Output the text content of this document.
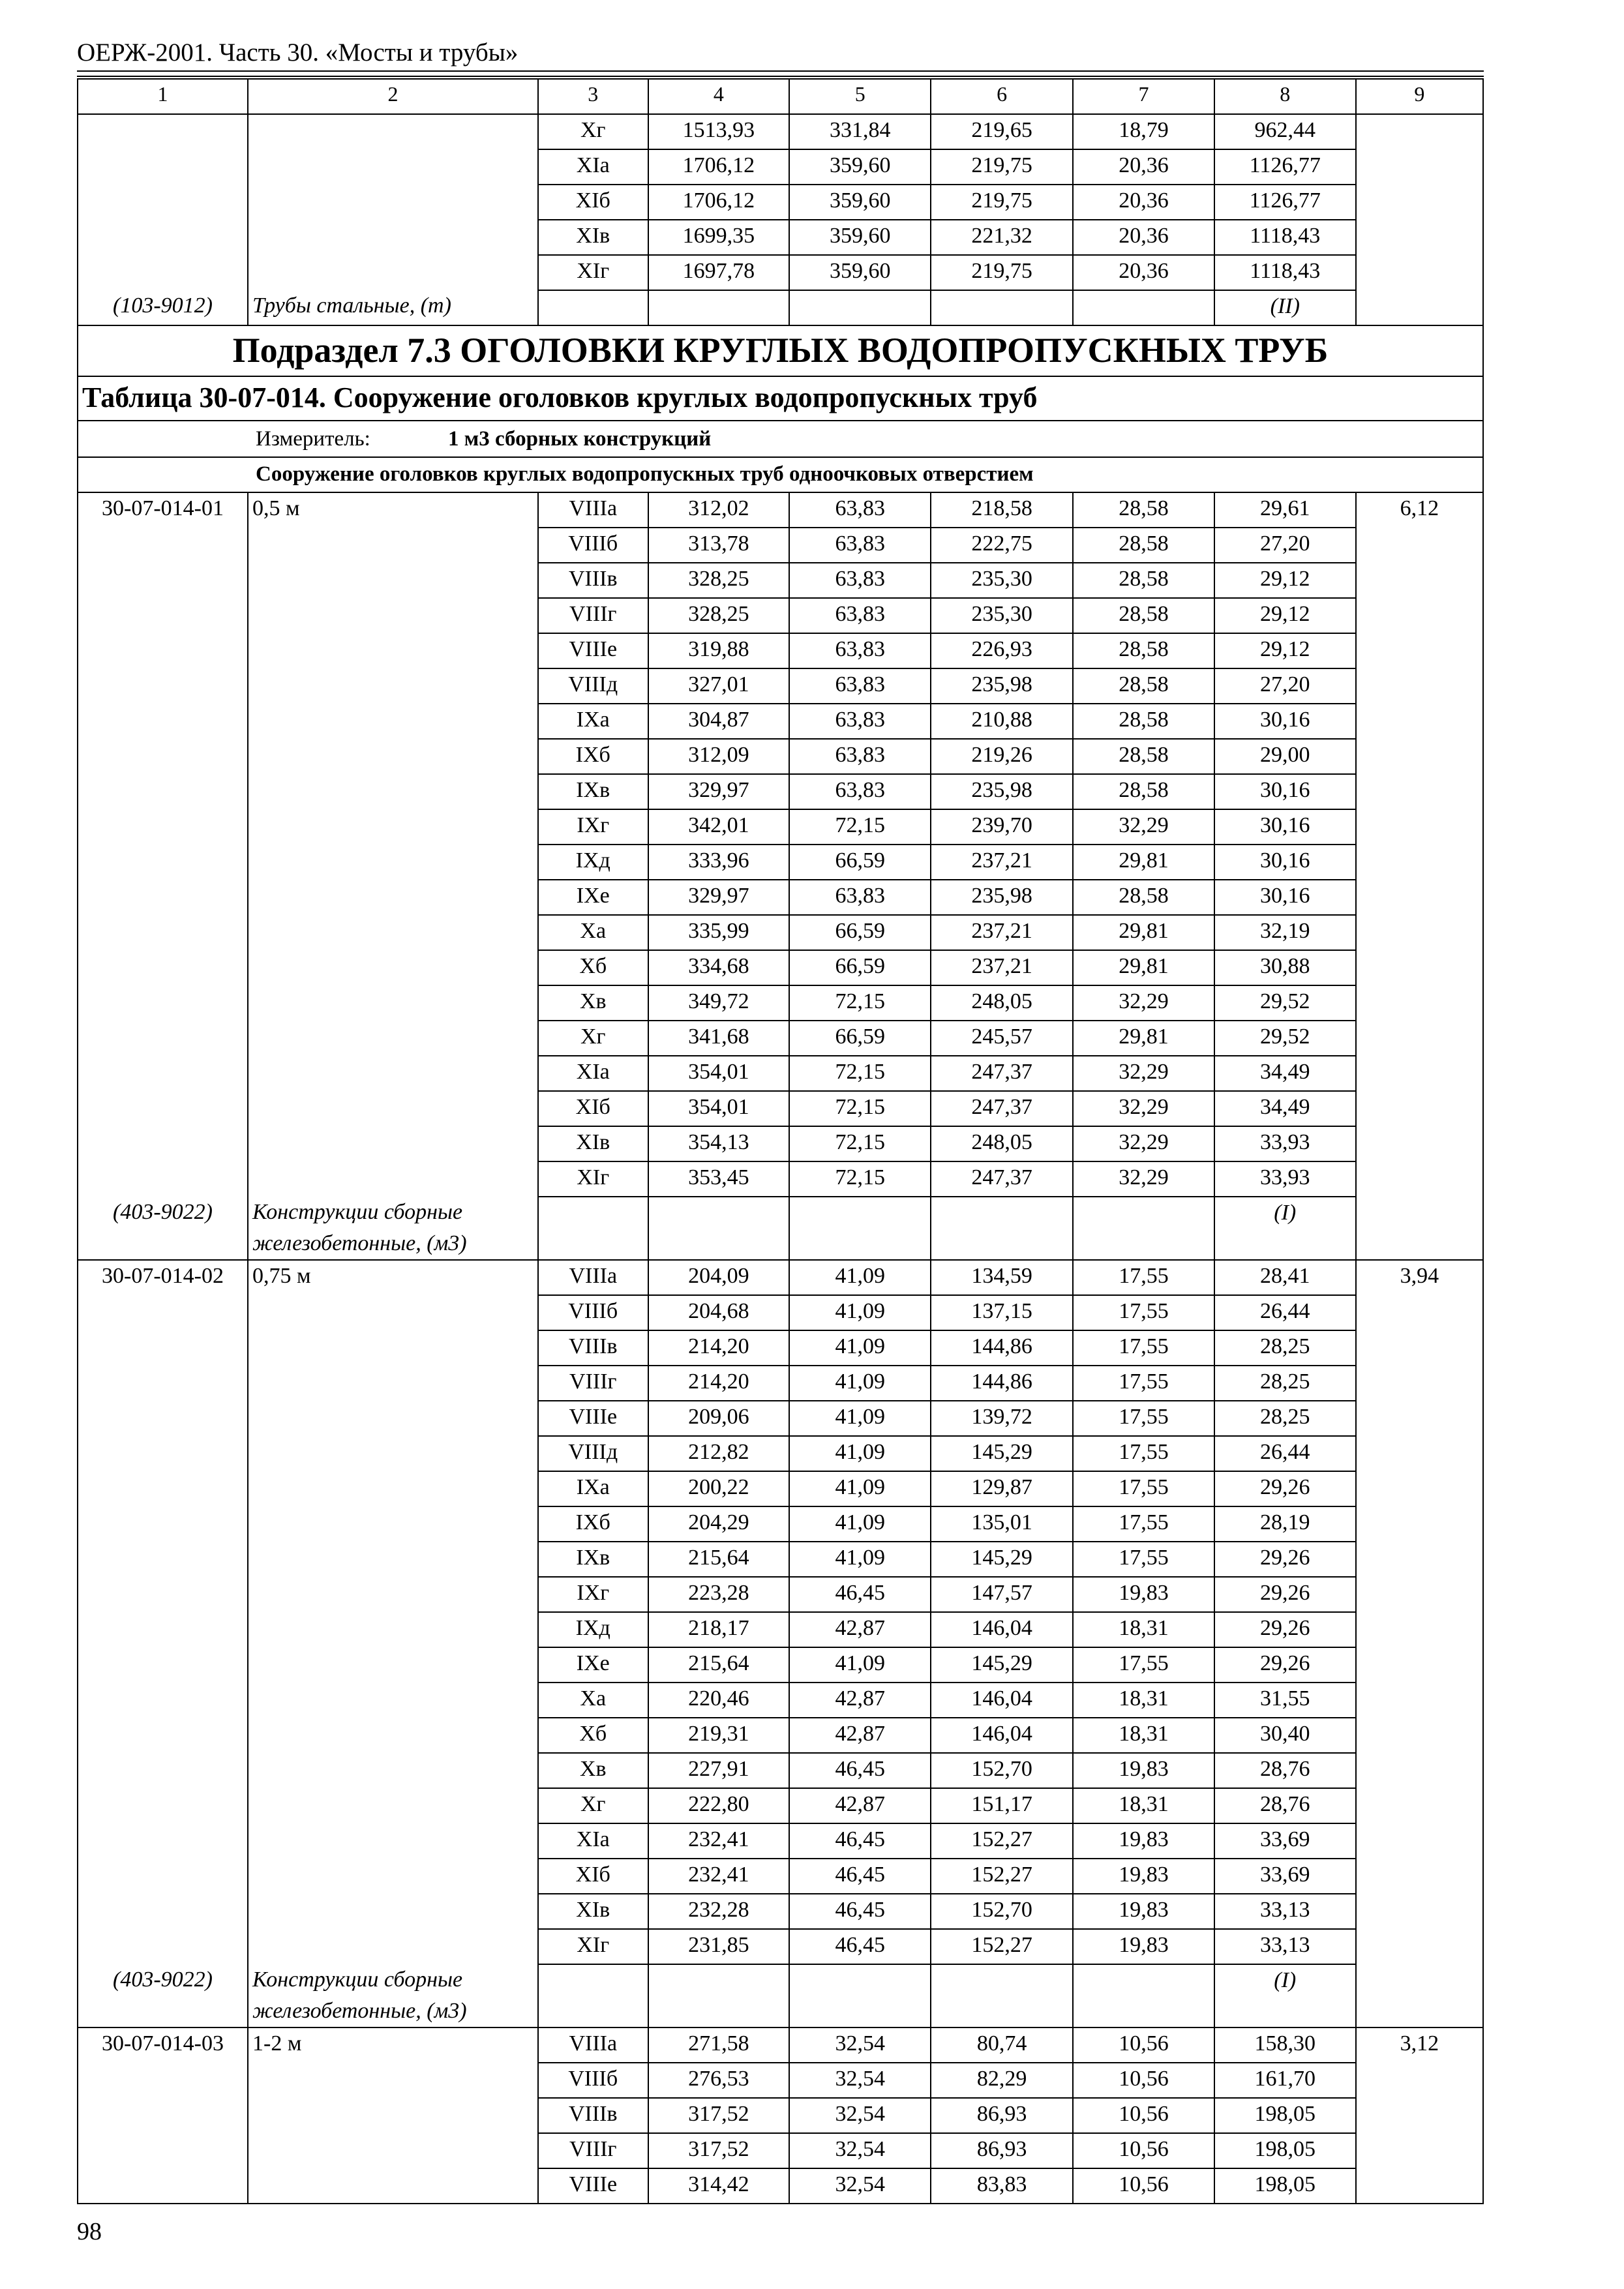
ОЕРЖ-2001. Часть 30. «Мосты и трубы»
1	2	3	4	5	6	7	8	9
		Xг	1513,93	331,84	219,65	18,79	962,44	
		XIа	1706,12	359,60	219,75	20,36	1126,77	
		XIб	1706,12	359,60	219,75	20,36	1126,77	
		XIв	1699,35	359,60	221,32	20,36	1118,43	
		XIг	1697,78	359,60	219,75	20,36	1118,43	
(103-9012)	Трубы стальные, (т)						(II)	
Подраздел 7.3 ОГОЛОВКИ КРУГЛЫХ ВОДОПРОПУСКНЫХ ТРУБ								
Таблица 30-07-014. Сооружение оголовков круглых водопропускных труб								
Измеритель: 1 м3 сборных конструкций								
Сооружение оголовков круглых водопропускных труб одноочковых отверстием								
30-07-014-01	0,5 м	VIIIа	312,02	63,83	218,58	28,58	29,61	6,12
		VIIIб	313,78	63,83	222,75	28,58	27,20	
		VIIIв	328,25	63,83	235,30	28,58	29,12	
		VIIIг	328,25	63,83	235,30	28,58	29,12	
		VIIIе	319,88	63,83	226,93	28,58	29,12	
		VIIIд	327,01	63,83	235,98	28,58	27,20	
		IXа	304,87	63,83	210,88	28,58	30,16	
		IXб	312,09	63,83	219,26	28,58	29,00	
		IXв	329,97	63,83	235,98	28,58	30,16	
		IXг	342,01	72,15	239,70	32,29	30,16	
		IXд	333,96	66,59	237,21	29,81	30,16	
		IXе	329,97	63,83	235,98	28,58	30,16	
		Xа	335,99	66,59	237,21	29,81	32,19	
		Xб	334,68	66,59	237,21	29,81	30,88	
		Xв	349,72	72,15	248,05	32,29	29,52	
		Xг	341,68	66,59	245,57	29,81	29,52	
		XIа	354,01	72,15	247,37	32,29	34,49	
		XIб	354,01	72,15	247,37	32,29	34,49	
		XIв	354,13	72,15	248,05	32,29	33,93	
		XIг	353,45	72,15	247,37	32,29	33,93	
(403-9022)	Конструкции сборные
железобетонные, (м3)						(I)	
30-07-014-02	0,75 м	VIIIа	204,09	41,09	134,59	17,55	28,41	3,94
		VIIIб	204,68	41,09	137,15	17,55	26,44	
		VIIIв	214,20	41,09	144,86	17,55	28,25	
		VIIIг	214,20	41,09	144,86	17,55	28,25	
		VIIIе	209,06	41,09	139,72	17,55	28,25	
		VIIIд	212,82	41,09	145,29	17,55	26,44	
		IXа	200,22	41,09	129,87	17,55	29,26	
		IXб	204,29	41,09	135,01	17,55	28,19	
		IXв	215,64	41,09	145,29	17,55	29,26	
		IXг	223,28	46,45	147,57	19,83	29,26	
		IXд	218,17	42,87	146,04	18,31	29,26	
		IXе	215,64	41,09	145,29	17,55	29,26	
		Xа	220,46	42,87	146,04	18,31	31,55	
		Xб	219,31	42,87	146,04	18,31	30,40	
		Xв	227,91	46,45	152,70	19,83	28,76	
		Xг	222,80	42,87	151,17	18,31	28,76	
		XIа	232,41	46,45	152,27	19,83	33,69	
		XIб	232,41	46,45	152,27	19,83	33,69	
		XIв	232,28	46,45	152,70	19,83	33,13	
		XIг	231,85	46,45	152,27	19,83	33,13	
(403-9022)	Конструкции сборные
железобетонные, (м3)						(I)	
30-07-014-03	1-2 м	VIIIа	271,58	32,54	80,74	10,56	158,30	3,12
		VIIIб	276,53	32,54	82,29	10,56	161,70	
		VIIIв	317,52	32,54	86,93	10,56	198,05	
		VIIIг	317,52	32,54	86,93	10,56	198,05	
		VIIIе	314,42	32,54	83,83	10,56	198,05	
98
